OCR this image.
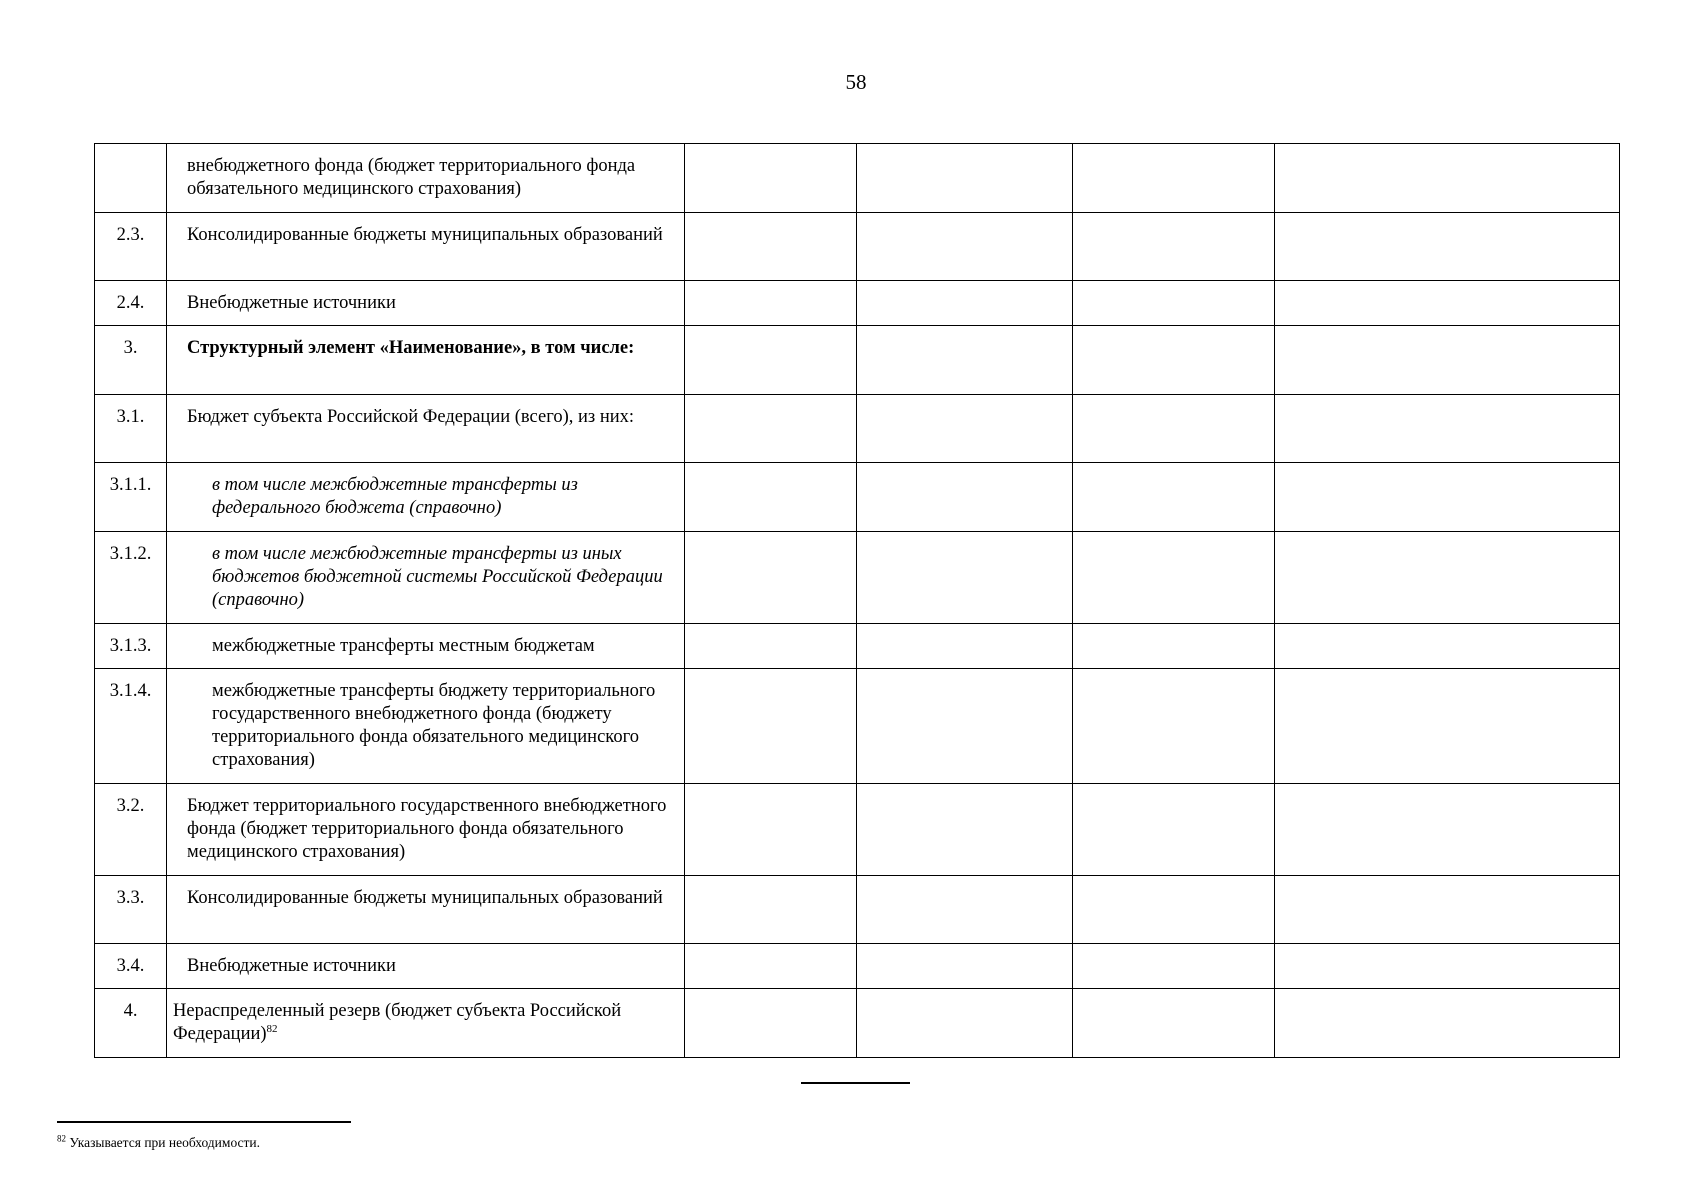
58
	внебюджетного фонда (бюджет территориального фонда обязательного медицинского страхования)				
2.3.	Консолидированные бюджеты муниципальных образований				
2.4.	Внебюджетные источники				
3.	Структурный элемент «Наименование», в том числе:				
3.1.	Бюджет субъекта Российской Федерации (всего), из них:				
3.1.1.	в том числе межбюджетные трансферты из федерального бюджета (справочно)				
3.1.2.	в том числе межбюджетные трансферты из иных бюджетов бюджетной системы Российской Федерации (справочно)				
3.1.3.	межбюджетные трансферты местным бюджетам				
3.1.4.	межбюджетные трансферты бюджету территориального государственного внебюджетного фонда (бюджету территориального фонда обязательного медицинского страхования)				
3.2.	Бюджет территориального государственного внебюджетного фонда (бюджет территориального фонда обязательного медицинского страхования)				
3.3.	Консолидированные бюджеты муниципальных образований				
3.4.	Внебюджетные источники				
4.	Нераспределенный резерв (бюджет субъекта Российской Федерации)$^{82}$				
$^{82}$ Указывается при необходимости.
